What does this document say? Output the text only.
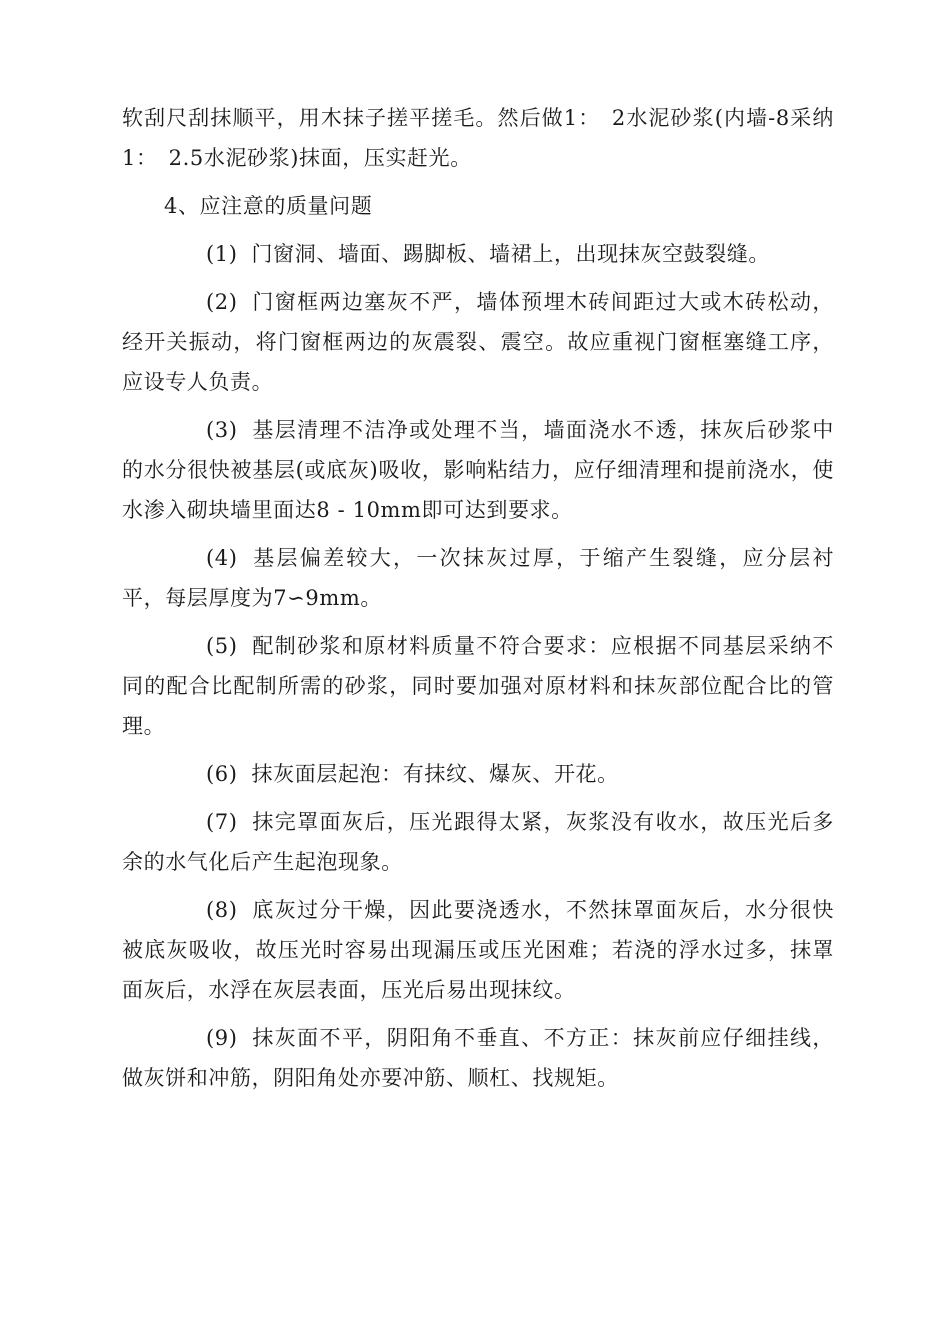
软刮尺刮抹顺平，用木抹子搓平搓毛。然后做1：　2水泥砂浆(内墙-8采纳1：　2.5水泥砂浆)抹面，压实赶光。

4、应注意的质量问题

(1) 门窗洞、墙面、踢脚板、墙裙上，出现抹灰空鼓裂缝。

(2) 门窗框两边塞灰不严，墙体预埋木砖间距过大或木砖松动，经开关振动，将门窗框两边的灰震裂、震空。故应重视门窗框塞缝工序，应设专人负责。

(3) 基层清理不洁净或处理不当，墙面浇水不透，抹灰后砂浆中的水分很快被基层(或底灰)吸收，影响粘结力，应仔细清理和提前浇水，使水渗入砌块墙里面达8 - 10mm即可达到要求。

(4) 基层偏差较大，一次抹灰过厚，于缩产生裂缝，应分层衬平，每层厚度为7∽9mm。

(5) 配制砂浆和原材料质量不符合要求：应根据不同基层采纳不同的配合比配制所需的砂浆，同时要加强对原材料和抹灰部位配合比的管理。

(6) 抹灰面层起泡：有抹纹、爆灰、开花。

(7) 抹完罩面灰后，压光跟得太紧，灰浆没有收水，故压光后多余的水气化后产生起泡现象。

(8) 底灰过分干燥，因此要浇透水，不然抹罩面灰后，水分很快被底灰吸收，故压光时容易出现漏压或压光困难；若浇的浮水过多，抹罩面灰后，水浮在灰层表面，压光后易出现抹纹。

(9) 抹灰面不平，阴阳角不垂直、不方正：抹灰前应仔细挂线，做灰饼和冲筋，阴阳角处亦要冲筋、顺杠、找规矩。
